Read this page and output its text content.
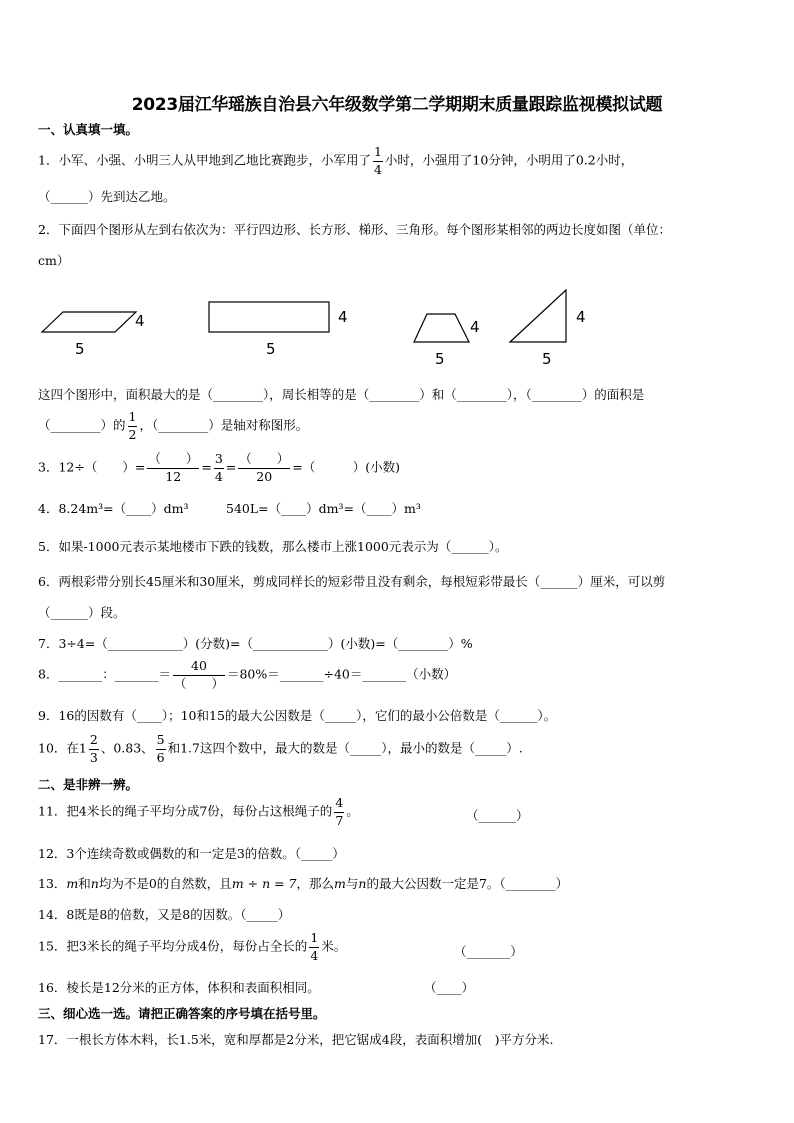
2023届江华瑶族自治县六年级数学第二学期期末质量跟踪监视模拟试题
一、认真填一填。
1．小军、小强、小明三人从甲地到乙地比赛跑步，小军用了 $\frac{1}{4}$ 小时，小强用了10分钟，小明用了0.2小时，
（______）先到达乙地。
2．下面四个图形从左到右依次为：平行四边形、长方形、梯形、三角形。每个图形某相邻的两边长度如图（单位：
cm）
4
5
4
5
4
5
4
5
这四个图形中，面积最大的是（________），周长相等的是（________）和（________），（________）的面积是
（________）的 $\frac{1}{2}$ ，（________）是轴对称图形。
3．12÷（　　）= $\frac{( )}{12} = \frac{3}{4} = \frac{( )}{20}$ =（　　　）(小数)
4．8.24m³=（____）dm³　　　540L=（____）dm³=（____）m³
5．如果-1000元表示某地楼市下跌的钱数，那么楼市上涨1000元表示为（______）。
6．两根彩带分别长45厘米和30厘米，剪成同样长的短彩带且没有剩余，每根短彩带最长（______）厘米，可以剪
（______）段。
7．3÷4=（____________）(分数)=（____________）(小数)=（________）%
8．_______：_______＝ $\frac{40}{( )}$ ＝80%＝_______÷40＝_______（小数）
9．16的因数有（____）；10和15的最大公因数是（_____），它们的最小公倍数是（______）。
10．在$1 \frac{2}{3}$ 、0.83、 $\frac{5}{6}$ 和1.7这四个数中，最大的数是（_____），最小的数是（_____）.
二、是非辨一辨。
11．把4米长的绳子平均分成7份，每份占这根绳子的 $\frac{4}{7}$ 。	（______）
12．3个连续奇数或偶数的和一定是3的倍数。（_____）
13．m和n均为不是0的自然数，且m ÷ n = 7，那么m与n的最大公因数一定是7。（________）
14．8既是8的倍数，又是8的因数。（_____）
15．把3米长的绳子平均分成4份，每份占全长的 $\frac{1}{4}$ 米。	（_______）
16．棱长是12分米的正方体，体积和表面积相同。	（____）
三、细心选一选。请把正确答案的序号填在括号里。
17．一根长方体木料，长1.5米，宽和厚都是2分米，把它锯成4段，表面积增加(　)平方分米.
